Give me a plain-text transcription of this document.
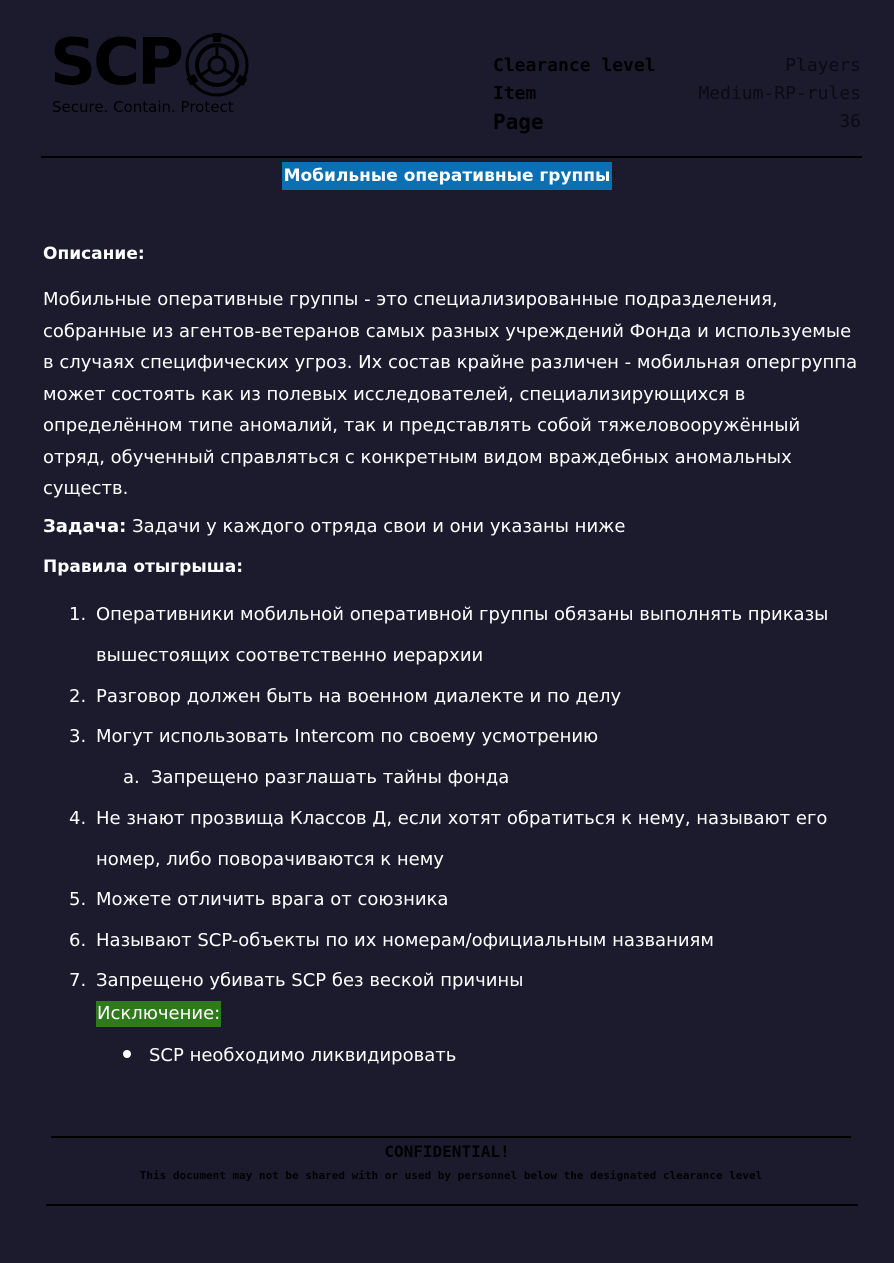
SCP
Secure. Contain. Protect
Clearance level	Players
Item	Medium-RP-rules
Page	36
Мобильные оперативные группы
Описание:
Мобильные оперативные группы - это специализированные подразделения, собранные из агентов-ветеранов самых разных учреждений Фонда и используемые в случаях специфических угроз. Их состав крайне различен - мобильная опергруппа может состоять как из полевых исследователей, специализирующихся в определённом типе аномалий, так и представлять собой тяжеловооружённый отряд, обученный справляться с конкретным видом враждебных аномальных существ.
Задача: Задачи у каждого отряда свои и они указаны ниже
Правила отыгрыша:
1. Оперативники мобильной оперативной группы обязаны выполнять приказы вышестоящих соответственно иерархии
2. Разговор должен быть на военном диалекте и по делу
3. Могут использовать Intercom по своему усмотрению
a. Запрещено разглашать тайны фонда
4. Не знают прозвища Классов Д, если хотят обратиться к нему, называют его номер, либо поворачиваются к нему
5. Можете отличить врага от союзника
6. Называют SCP-объекты по их номерам/официальным названиям
7. Запрещено убивать SCP без веской причины
Исключение:
SCP необходимо ликвидировать
CONFIDENTIAL!
This document may not be shared with or used by personnel below the designated clearance level
